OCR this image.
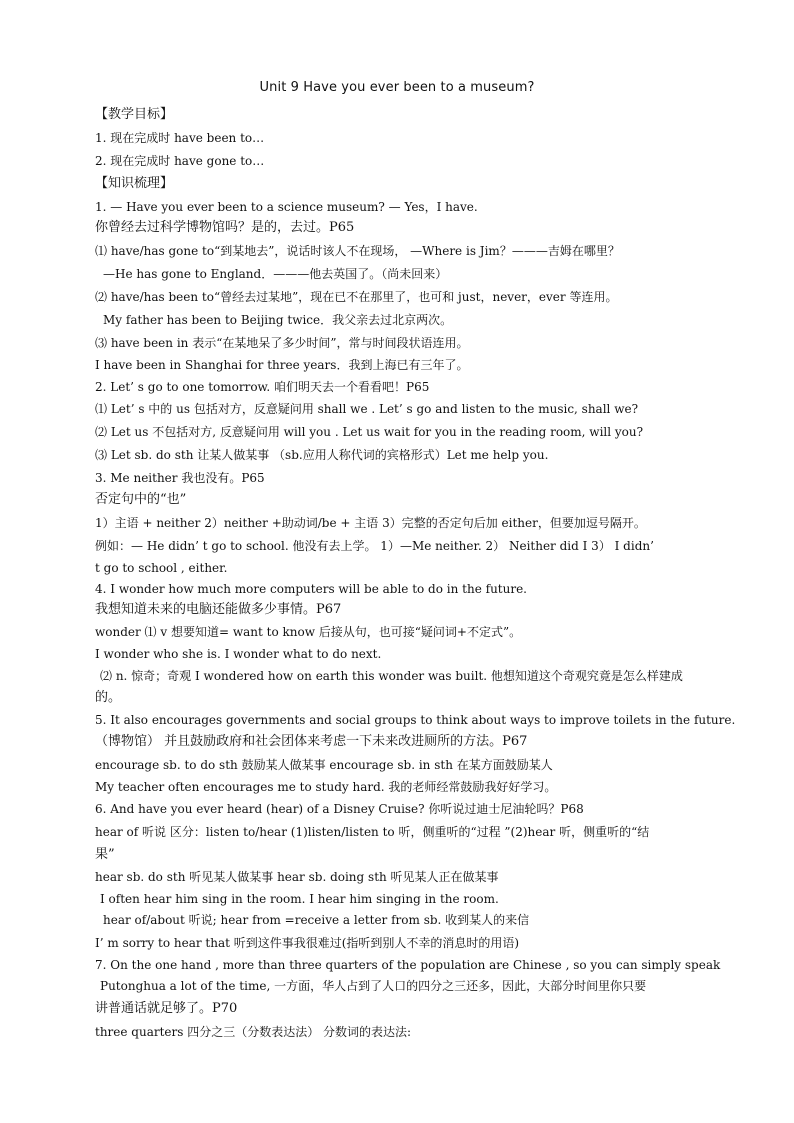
Unit 9 Have you ever been to a museum?
【教学目标】
1. 现在完成时 have been to…
2. 现在完成时 have gone to…
【知识梳理】
1. — Have you ever been to a science museum? — Yes，I have.
你曾经去过科学博物馆吗？是的，去过。P65
⑴ have/has gone to“到某地去”，说话时该人不在现场， —Where is Jim？———吉姆在哪里？
—He has gone to England．———他去英国了。（尚未回来）
⑵ have/has been to“曾经去过某地”，现在已不在那里了，也可和 just，never，ever 等连用。
My father has been to Beijing twice．我父亲去过北京两次。
⑶ have been in 表示“在某地呆了多少时间”，常与时间段状语连用。
I have been in Shanghai for three years．我到上海已有三年了。
2. Let’ s go to one tomorrow. 咱们明天去一个看看吧！P65
⑴ Let’ s 中的 us 包括对方，反意疑问用 shall we . Let’ s go and listen to the music, shall we?
⑵ Let us 不包括对方, 反意疑问用 will you . Let us wait for you in the reading room, will you?
⑶ Let sb. do sth 让某人做某事 （sb.应用人称代词的宾格形式）Let me help you.
3. Me neither 我也没有。P65
否定句中的“也”
1）主语 + neither 2）neither +助动词/be + 主语 3）完整的否定句后加 either，但要加逗号隔开。
例如：— He didn’ t go to school. 他没有去上学。 1）—Me neither. 2） Neither did I 3） I didn’
t go to school , either.
4. I wonder how much more computers will be able to do in the future.
我想知道未来的电脑还能做多少事情。P67
wonder ⑴ v 想要知道= want to know 后接从句，也可接“疑问词+不定式”。
I wonder who she is. I wonder what to do next.
⑵ n. 惊奇；奇观 I wondered how on earth this wonder was built. 他想知道这个奇观究竟是怎么样建成
的。
5. It also encourages governments and social groups to think about ways to improve toilets in the future.
（博物馆） 并且鼓励政府和社会团体来考虑一下未来改进厕所的方法。P67
encourage sb. to do sth 鼓励某人做某事 encourage sb. in sth 在某方面鼓励某人
My teacher often encourages me to study hard. 我的老师经常鼓励我好好学习。
6. And have you ever heard (hear) of a Disney Cruise? 你听说过迪士尼油轮吗？P68
hear of 听说 区分：listen to/hear (1)listen/listen to 听，侧重听的“过程 ”(2)hear 听，侧重听的“结
果”
hear sb. do sth 听见某人做某事 hear sb. doing sth 听见某人正在做某事
I often hear him sing in the room. I hear him singing in the room.
hear of/about 听说; hear from =receive a letter from sb. 收到某人的来信
I’ m sorry to hear that 听到这件事我很难过(指听到别人不幸的消息时的用语)
7. On the one hand , more than three quarters of the population are Chinese , so you can simply speak
Putonghua a lot of the time, 一方面，华人占到了人口的四分之三还多，因此，大部分时间里你只要
讲普通话就足够了。P70
three quarters 四分之三（分数表达法） 分数词的表达法:
